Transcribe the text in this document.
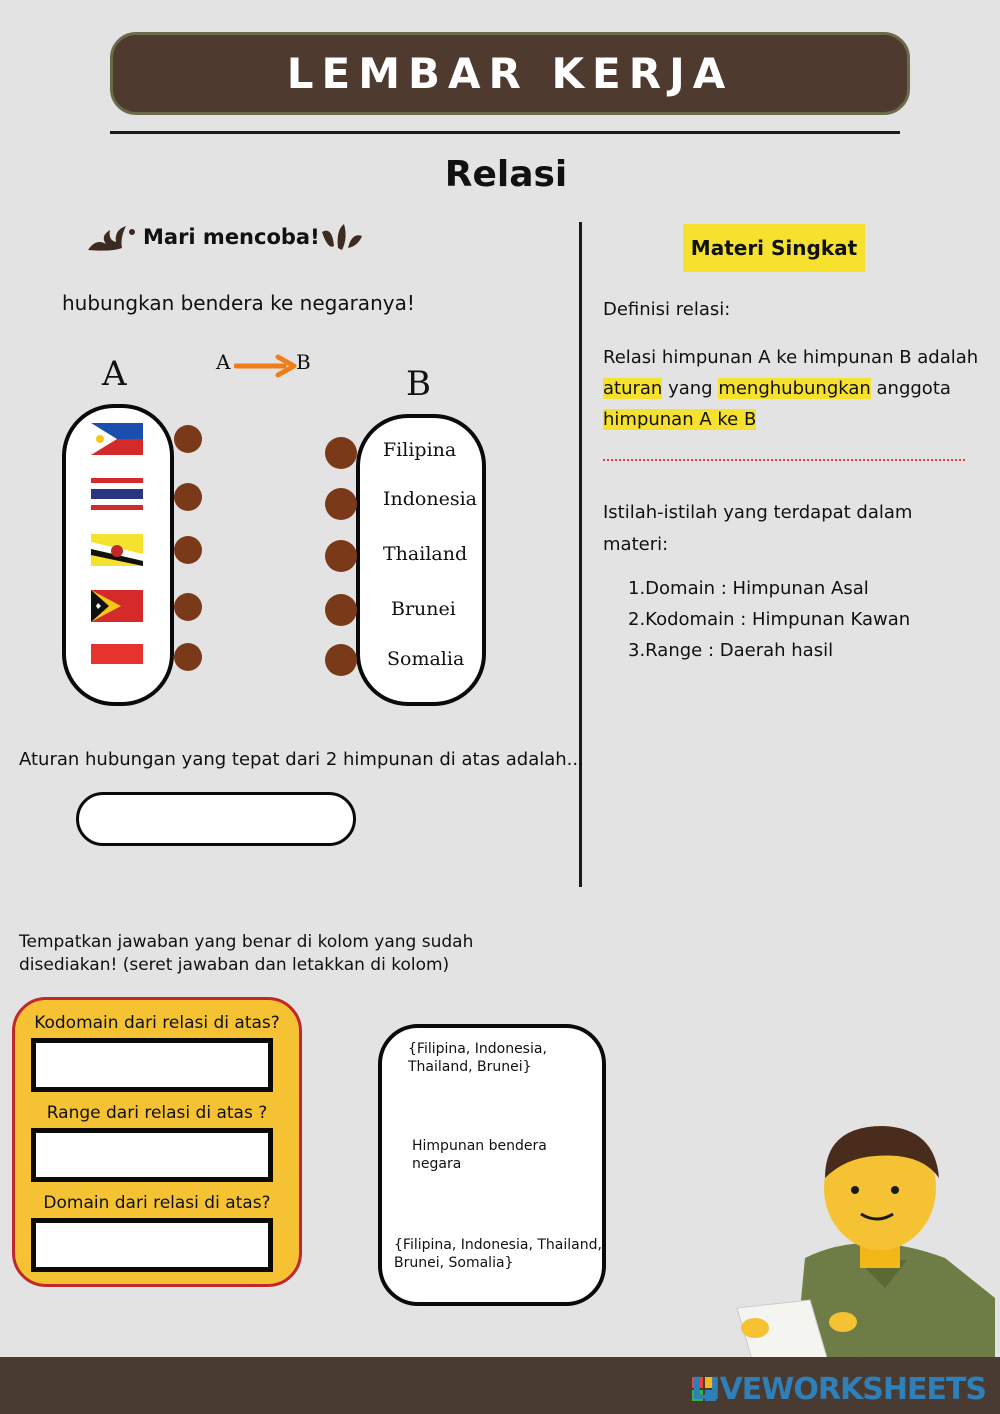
LEMBAR KERJA
Relasi
Mari mencoba!
hubungkan bendera ke negaranya!
A	B
A	B
Filipina
Indonesia
Thailand
Brunei
Somalia
Aturan hubungan yang tepat dari 2 himpunan di atas adalah...
Materi Singkat
Definisi relasi:
Relasi himpunan A ke himpunan B adalah aturan yang menghubungkan anggota himpunan A ke B
Istilah-istilah yang terdapat dalam materi:
1.Domain : Himpunan Asal
2.Kodomain : Himpunan Kawan
3.Range : Daerah hasil
Tempatkan jawaban yang benar di kolom yang sudah disediakan! (seret jawaban dan letakkan di kolom)
Kodomain dari relasi di atas?
Range dari relasi di atas ?
Domain dari relasi di atas?
{Filipina, Indonesia, Thailand, Brunei}
Himpunan bendera negara
{Filipina, Indonesia, Thailand, Brunei, Somalia}
LIVEWORKSHEETS
